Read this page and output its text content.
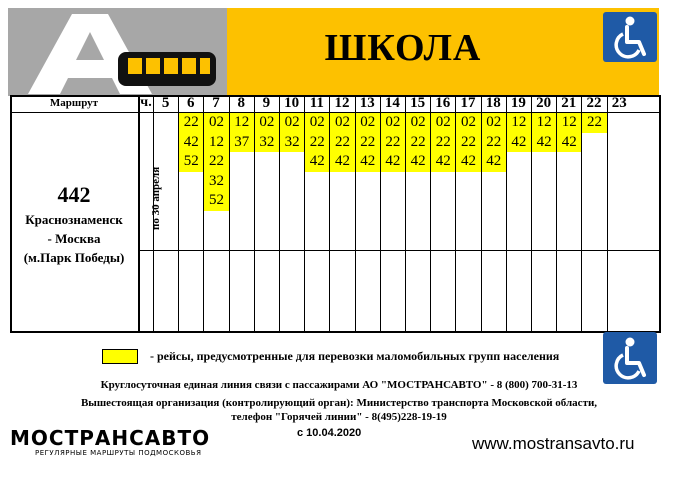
ШКОЛА
5	6
22
42
52
7
02
12
22
32
52
8
12
37
9
02
32
10
02
32
11
02
22
42
12
02
22
42
13
02
22
42
14
02
22
42
15
02
22
42
16
02
22
42
17
02
22
42
18
02
22
42
19
12
42
20
12
42
21
12
42
22
22
23
Маршрут	ч.
442
Краснознаменск
- Москва
(м.Парк Победы)
по 30 апреля
- рейсы, предусмотренные для перевозки маломобильных групп населения
Круглосуточная единая линия связи с пассажирами АО "МОСТРАНСАВТО" - 8 (800) 700-31-13
Вышестоящая организация (контролирующий орган): Министерство транспорта Московской области,
телефон "Горячей линии" - 8(495)228-19-19
МОСТРАНСАВТО
РЕГУЛЯРНЫЕ МАРШРУТЫ ПОДМОСКОВЬЯ
с 10.04.2020
www.mostransavto.ru
